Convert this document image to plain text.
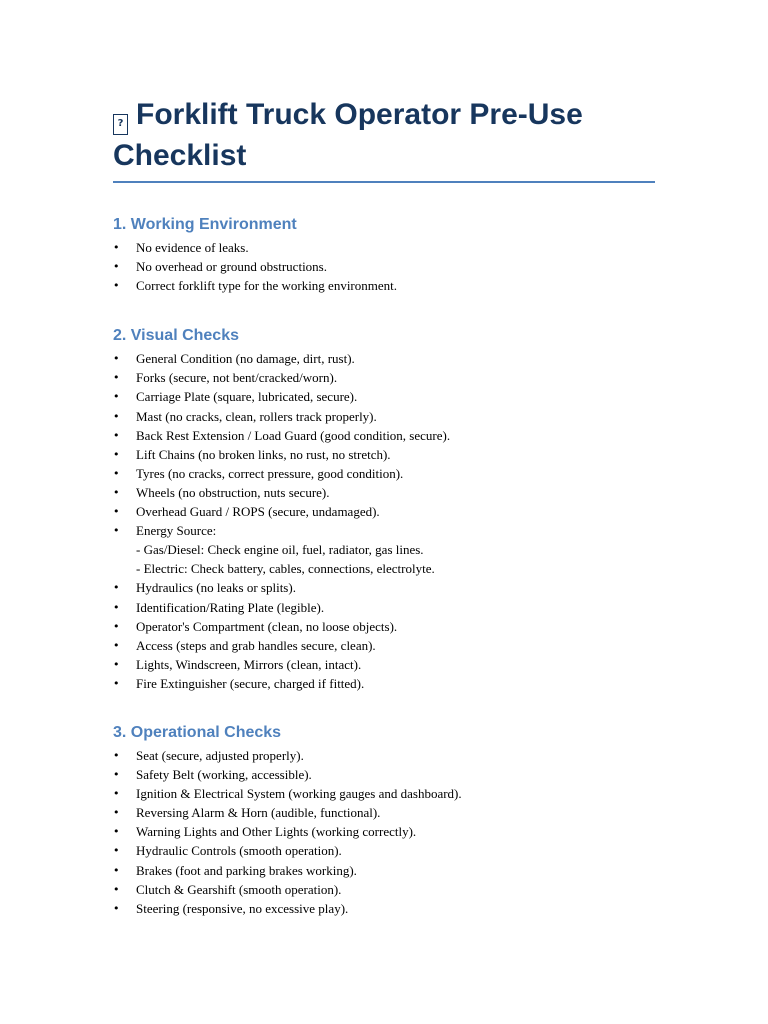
? Forklift Truck Operator Pre-Use Checklist
1. Working Environment
• No evidence of leaks.
• No overhead or ground obstructions.
• Correct forklift type for the working environment.
2. Visual Checks
• General Condition (no damage, dirt, rust).
• Forks (secure, not bent/cracked/worn).
• Carriage Plate (square, lubricated, secure).
• Mast (no cracks, clean, rollers track properly).
• Back Rest Extension / Load Guard (good condition, secure).
• Lift Chains (no broken links, no rust, no stretch).
• Tyres (no cracks, correct pressure, good condition).
• Wheels (no obstruction, nuts secure).
• Overhead Guard / ROPS (secure, undamaged).
• Energy Source:
- Gas/Diesel: Check engine oil, fuel, radiator, gas lines.
- Electric: Check battery, cables, connections, electrolyte.
• Hydraulics (no leaks or splits).
• Identification/Rating Plate (legible).
• Operator's Compartment (clean, no loose objects).
• Access (steps and grab handles secure, clean).
• Lights, Windscreen, Mirrors (clean, intact).
• Fire Extinguisher (secure, charged if fitted).
3. Operational Checks
• Seat (secure, adjusted properly).
• Safety Belt (working, accessible).
• Ignition & Electrical System (working gauges and dashboard).
• Reversing Alarm & Horn (audible, functional).
• Warning Lights and Other Lights (working correctly).
• Hydraulic Controls (smooth operation).
• Brakes (foot and parking brakes working).
• Clutch & Gearshift (smooth operation).
• Steering (responsive, no excessive play).
